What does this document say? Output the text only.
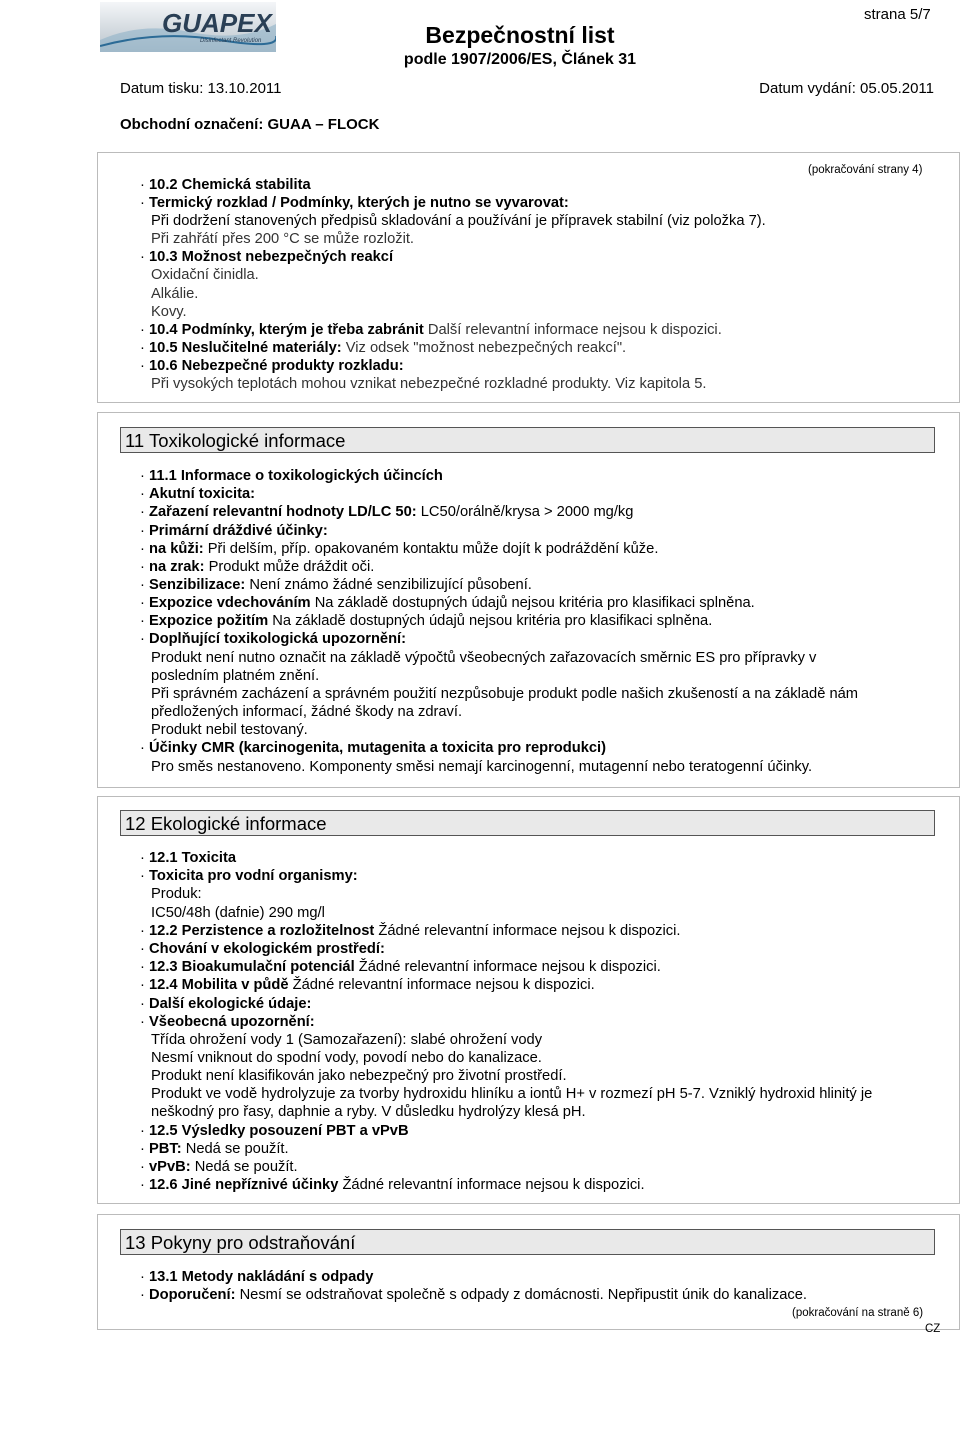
GUAPEX
Disinfectant Revolution
strana 5/7
Bezpečnostní list
podle 1907/2006/ES, Článek 31
Datum tisku: 13.10.2011	Datum vydání: 05.05.2011
Obchodní označení: GUAA – FLOCK
(pokračování strany 4)
· 10.2 Chemická stabilita
· Termický rozklad / Podmínky, kterých je nutno se vyvarovat:
Při dodržení stanovených předpisů skladování a používání je přípravek stabilní (viz položka 7).
Při zahřátí přes 200 °C se může rozložit.
· 10.3 Možnost nebezpečných reakcí
Oxidační činidla.
Alkálie.
Kovy.
· 10.4 Podmínky, kterým je třeba zabránit Další relevantní informace nejsou k dispozici.
· 10.5 Neslučitelné materiály: Viz odsek "možnost nebezpečných reakcí".
· 10.6 Nebezpečné produkty rozkladu:
Při vysokých teplotách mohou vznikat nebezpečné rozkladné produkty. Viz kapitola 5.
11 Toxikologické informace
· 11.1 Informace o toxikologických účincích
· Akutní toxicita:
· Zařazení relevantní hodnoty LD/LC 50: LC50/orálně/krysa > 2000 mg/kg
· Primární dráždivé účinky:
· na kůži: Při delším, příp. opakovaném kontaktu může dojít k podráždění kůže.
· na zrak: Produkt může dráždit oči.
· Senzibilizace: Není známo žádné senzibilizující působení.
· Expozice vdechováním Na základě dostupných údajů nejsou kritéria pro klasifikaci splněna.
· Expozice požitím Na základě dostupných údajů nejsou kritéria pro klasifikaci splněna.
· Doplňující toxikologická upozornění:
Produkt není nutno označit na základě výpočtů všeobecných zařazovacích směrnic ES pro přípravky v
posledním platném znění.
Při správném zacházení a správném použití nezpůsobuje produkt podle našich zkušeností a na základě nám
předložených informací, žádné škody na zdraví.
Produkt nebil testovaný.
· Účinky CMR (karcinogenita, mutagenita a toxicita pro reprodukci)
Pro směs nestanoveno. Komponenty směsi nemají karcinogenní, mutagenní nebo teratogenní účinky.
12 Ekologické informace
· 12.1 Toxicita
· Toxicita pro vodní organismy:
Produk:
IC50/48h (dafnie) 290 mg/l
· 12.2 Perzistence a rozložitelnost Žádné relevantní informace nejsou k dispozici.
· Chování v ekologickém prostředí:
· 12.3 Bioakumulační potenciál Žádné relevantní informace nejsou k dispozici.
· 12.4 Mobilita v půdě Žádné relevantní informace nejsou k dispozici.
· Další ekologické údaje:
· Všeobecná upozornění:
Třída ohrožení vody 1 (Samozařazení): slabé ohrožení vody
Nesmí vniknout do spodní vody, povodí nebo do kanalizace.
Produkt není klasifikován jako nebezpečný pro životní prostředí.
Produkt ve vodě hydrolyzuje za tvorby hydroxidu hliníku a iontů H+ v rozmezí pH 5-7. Vzniklý hydroxid hlinitý je
neškodný pro řasy, daphnie a ryby. V důsledku hydrolýzy klesá pH.
· 12.5 Výsledky posouzení PBT a vPvB
· PBT: Nedá se použít.
· vPvB: Nedá se použít.
· 12.6 Jiné nepříznivé účinky Žádné relevantní informace nejsou k dispozici.
13 Pokyny pro odstraňování
· 13.1 Metody nakládání s odpady
· Doporučení: Nesmí se odstraňovat společně s odpady z domácnosti. Nepřipustit únik do kanalizace.
(pokračování na straně 6)
CZ
